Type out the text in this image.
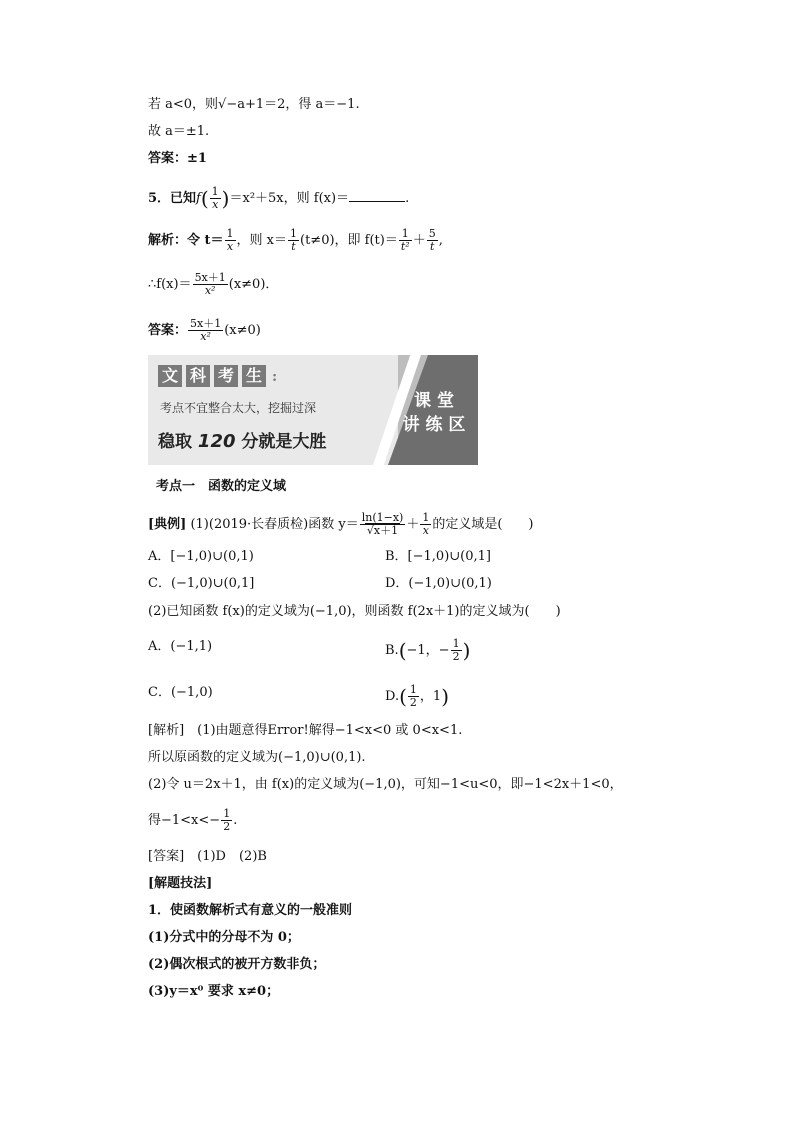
若 a<0，则√−a+1＝2，得 a＝−1.
故 a＝±1.
答案：±1
5．已知$f( \frac{1}{x} )=x^2+5x$，则 f(x)＝	.
解析：令 $t= \frac{1}{x}$ ，则 $x= \frac{1}{t} (t\ne 0)$，即 $f(t)= \frac{1}{\text{t²}} + \frac{5}{t}$ ,
∴f(x)＝ $\frac{5x+1}{\text{x²}} (x\ne 0)$．
答案： $\frac{5x+1}{\text{x²}} (x\ne 0)$
文 科 考 生 :
考点不宜整合太大，挖掘过深
稳取 120 分就是大胜
课 堂
讲 练 区
考点一　函数的定义域
[典例] (1)(2019·长春质检)函数 $y= \frac{\ln(1-x)}{√x+1} + \frac{1}{x}$ 的定义域是(　　)
A．[−1,0)∪(0,1)	B．[−1,0)∪(0,1]
C．(−1,0)∪(0,1]	D．(−1,0)∪(0,1)
(2)已知函数 f(x)的定义域为(−1,0)，则函数 f(2x＋1)的定义域为(　　)
A．(−1,1)	B.(−1，− $\frac{1}{2}$ )
C．(−1,0)	$D.( \frac{1}{2}$ ，1)
[解析]　(1)由题意得Error!解得−1<x<0 或 0<x<1.
所以原函数的定义域为(−1,0)∪(0,1).
(2)令 u＝2x＋1，由 f(x)的定义域为(−1,0)，可知−1<u<0，即−1<2x＋1<0，
得$-1<x<- \frac{1}{2}$ .
[答案]　(1)D　(2)B
[解题技法]
1．使函数解析式有意义的一般准则
(1)分式中的分母不为 0；
(2)偶次根式的被开方数非负；
(3)y＝x⁰ 要求 x≠0；
